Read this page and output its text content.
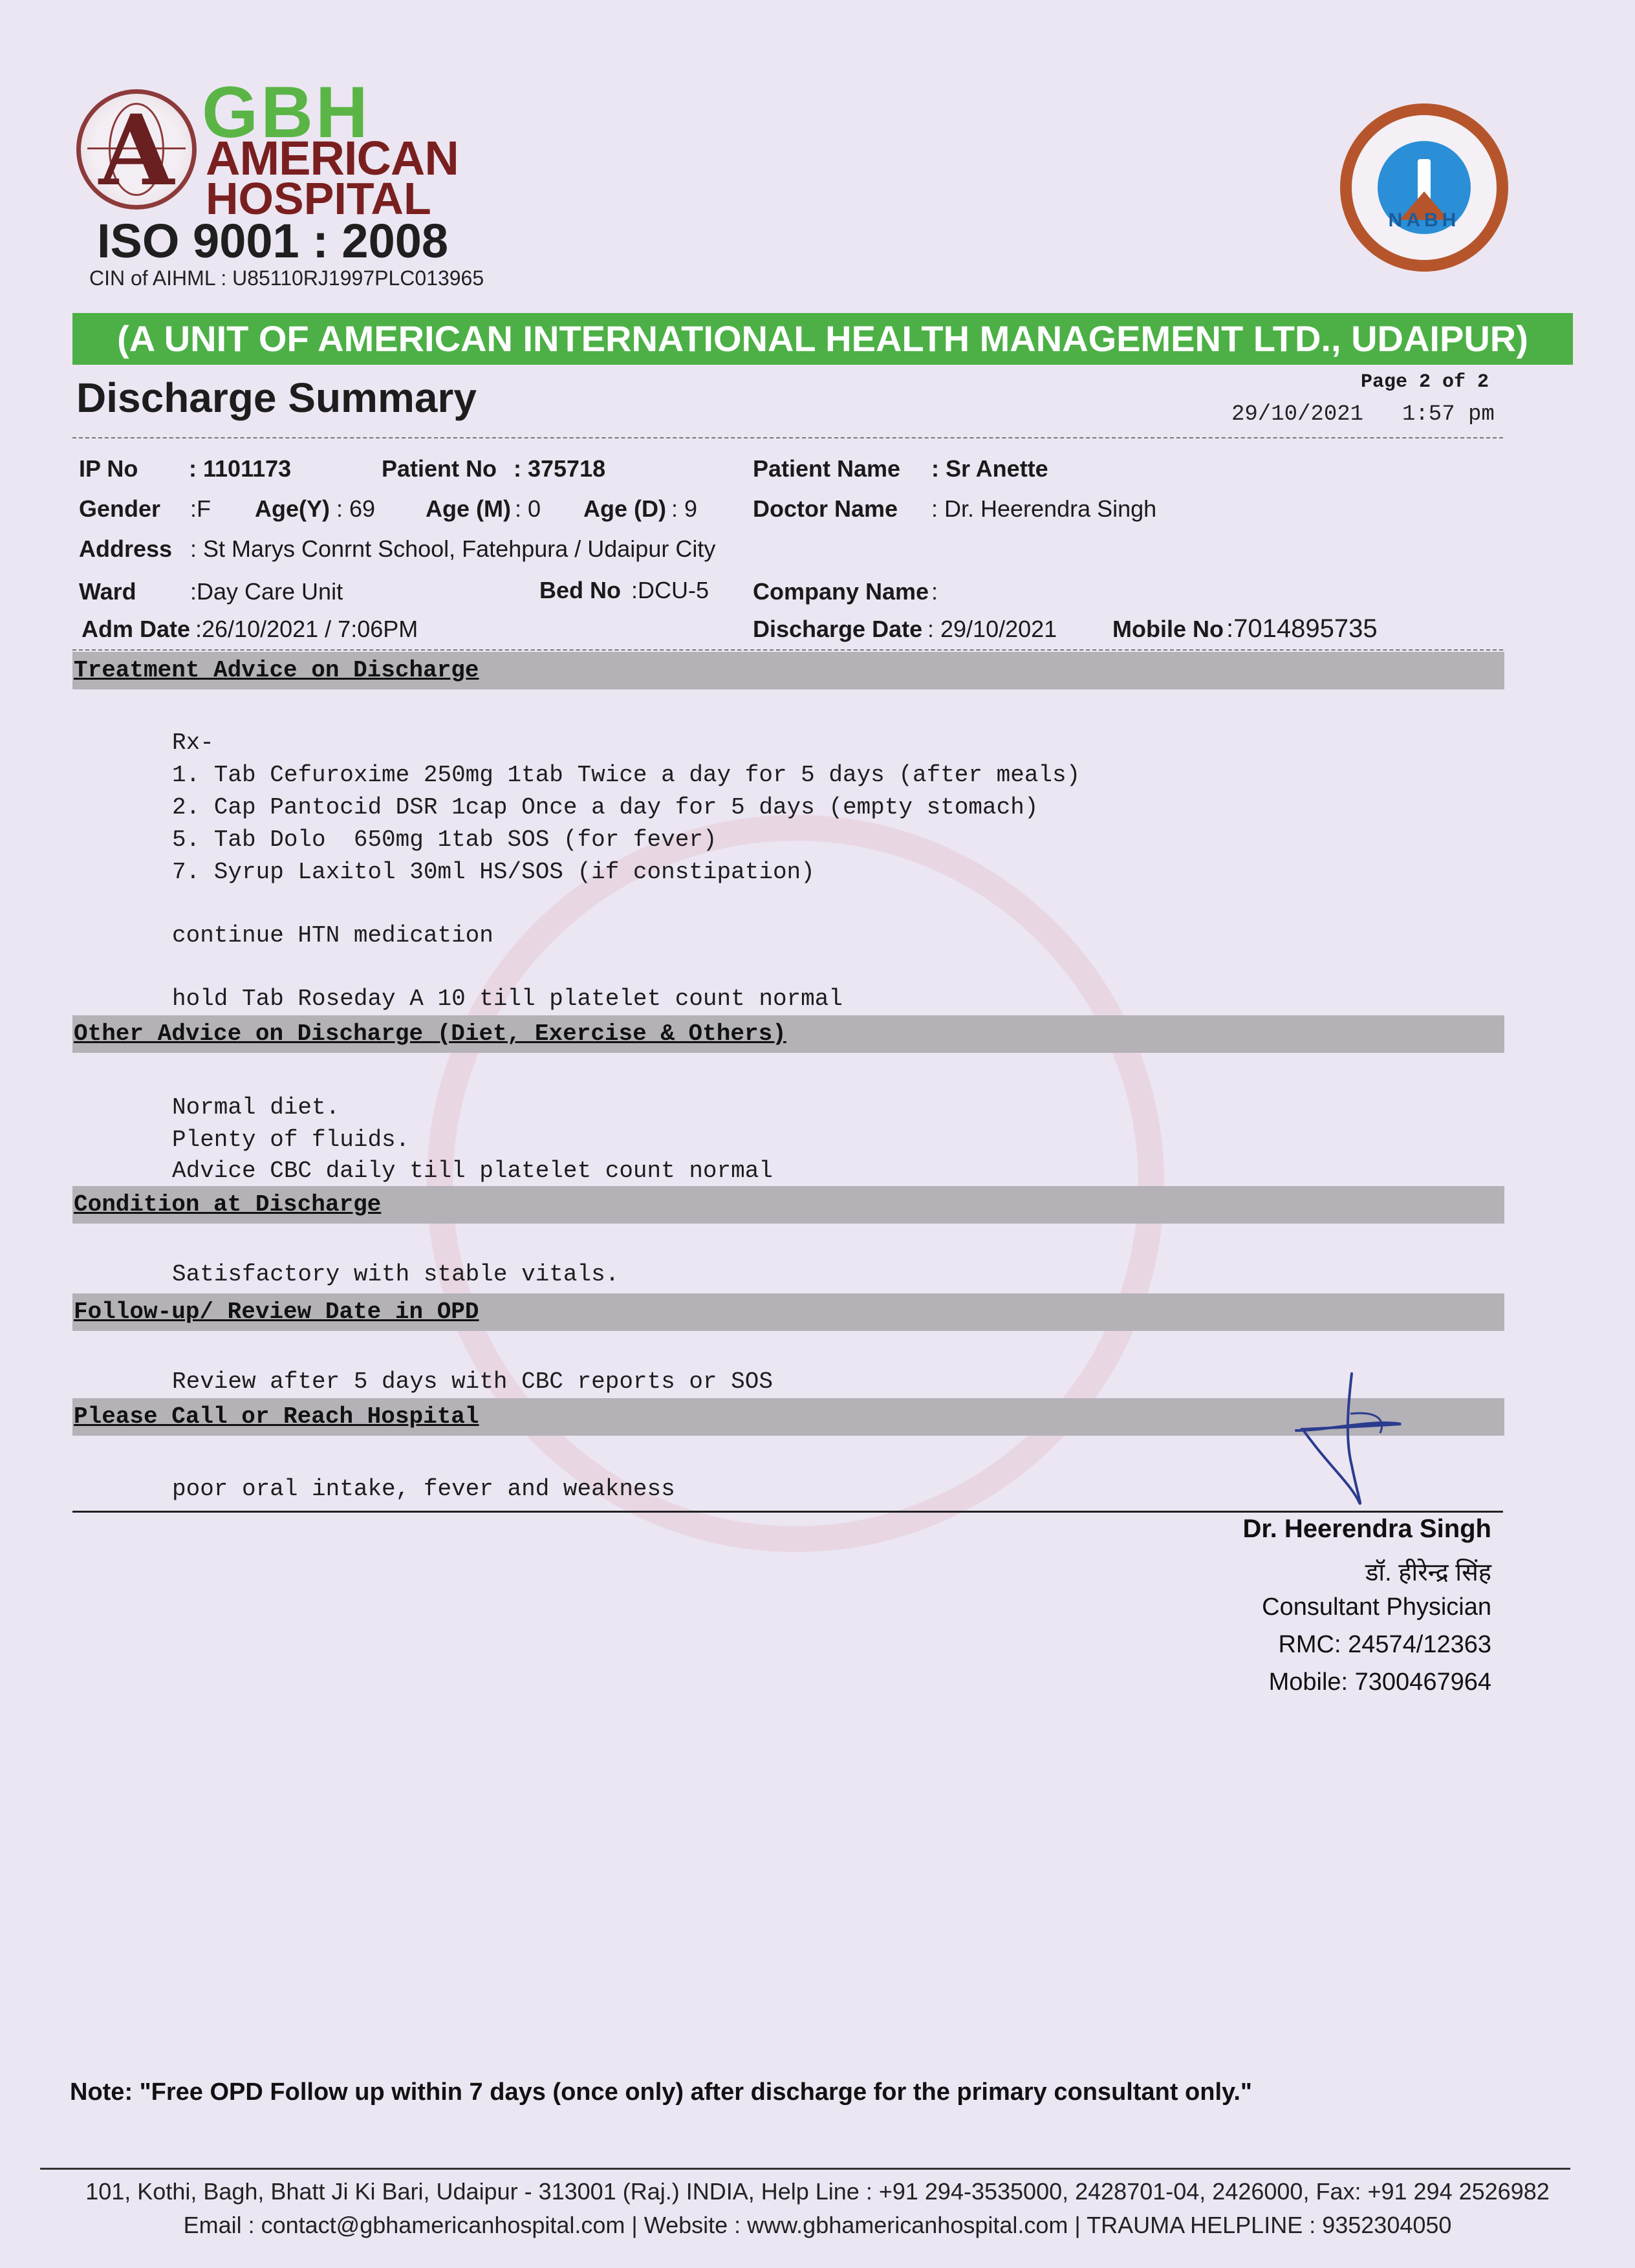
A GBH
AMERICAN
HOSPITAL
ISO 9001 : 2008
CIN of AIHML : U85110RJ1997PLC013965
NABH
(A UNIT OF AMERICAN INTERNATIONAL HEALTH MANAGEMENT LTD., UDAIPUR)
Discharge Summary	Page 2 of 2
29/10/2021 1:57 pm
IP No : 1101173	Patient No : 375718	Patient Name : Sr Anette
Gender :F Age(Y) : 69 Age (M) : 0 Age (D) : 9 Doctor Name : Dr. Heerendra Singh
Address : St Marys Conrnt School, Fatehpura / Udaipur City
Ward :Day Care Unit	Bed No :DCU-5 Company Name :
Adm Date :26/10/2021 / 7:06PM	Discharge Date : 29/10/2021 Mobile No :7014895735
Treatment Advice on Discharge
Rx-
1. Tab Cefuroxime 250mg 1tab Twice a day for 5 days (after meals)
2. Cap Pantocid DSR 1cap Once a day for 5 days (empty stomach)
5. Tab Dolo  650mg 1tab SOS (for fever)
7. Syrup Laxitol 30ml HS/SOS (if constipation)
continue HTN medication
hold Tab Roseday A 10 till platelet count normal
Other Advice on Discharge (Diet, Exercise & Others)
Normal diet.
Plenty of fluids.
Advice CBC daily till platelet count normal
Condition at Discharge
Satisfactory with stable vitals.
Follow-up/ Review Date in OPD
Review after 5 days with CBC reports or SOS
Please Call or Reach Hospital
poor oral intake, fever and weakness
Dr. Heerendra Singh
डॉ. हीरेन्द्र सिंह
Consultant Physician
RMC: 24574/12363
Mobile: 7300467964
Note: "Free OPD Follow up within 7 days (once only) after discharge for the primary consultant only."
101, Kothi, Bagh, Bhatt Ji Ki Bari, Udaipur - 313001 (Raj.) INDIA, Help Line : +91 294-3535000, 2428701-04, 2426000, Fax: +91 294 2526982
Email : contact@gbhamericanhospital.com | Website : www.gbhamericanhospital.com | TRAUMA HELPLINE : 9352304050
